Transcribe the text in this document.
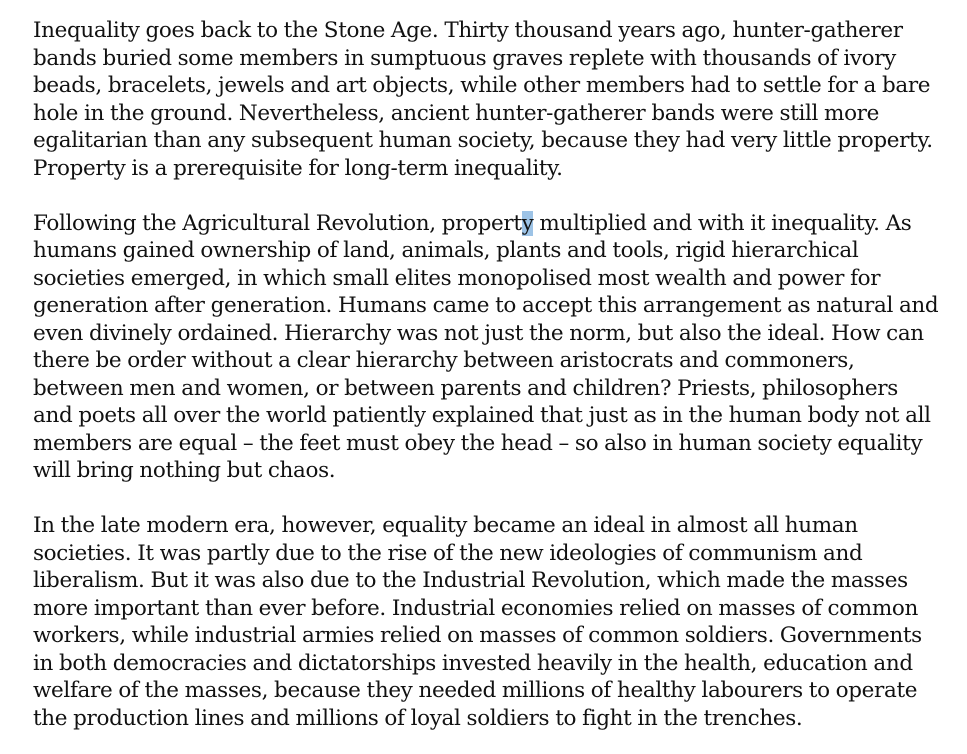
Inequality goes back to the Stone Age. Thirty thousand years ago, hunter-gatherer
bands buried some members in sumptuous graves replete with thousands of ivory
beads, bracelets, jewels and art objects, while other members had to settle for a bare
hole in the ground. Nevertheless, ancient hunter-gatherer bands were still more
egalitarian than any subsequent human society, because they had very little property.
Property is a prerequisite for long-term inequality.

Following the Agricultural Revolution, property multiplied and with it inequality. As
humans gained ownership of land, animals, plants and tools, rigid hierarchical
societies emerged, in which small elites monopolised most wealth and power for
generation after generation. Humans came to accept this arrangement as natural and
even divinely ordained. Hierarchy was not just the norm, but also the ideal. How can
there be order without a clear hierarchy between aristocrats and commoners,
between men and women, or between parents and children? Priests, philosophers
and poets all over the world patiently explained that just as in the human body not all
members are equal – the feet must obey the head – so also in human society equality
will bring nothing but chaos.

In the late modern era, however, equality became an ideal in almost all human
societies. It was partly due to the rise of the new ideologies of communism and
liberalism. But it was also due to the Industrial Revolution, which made the masses
more important than ever before. Industrial economies relied on masses of common
workers, while industrial armies relied on masses of common soldiers. Governments
in both democracies and dictatorships invested heavily in the health, education and
welfare of the masses, because they needed millions of healthy labourers to operate
the production lines and millions of loyal soldiers to fight in the trenches.
